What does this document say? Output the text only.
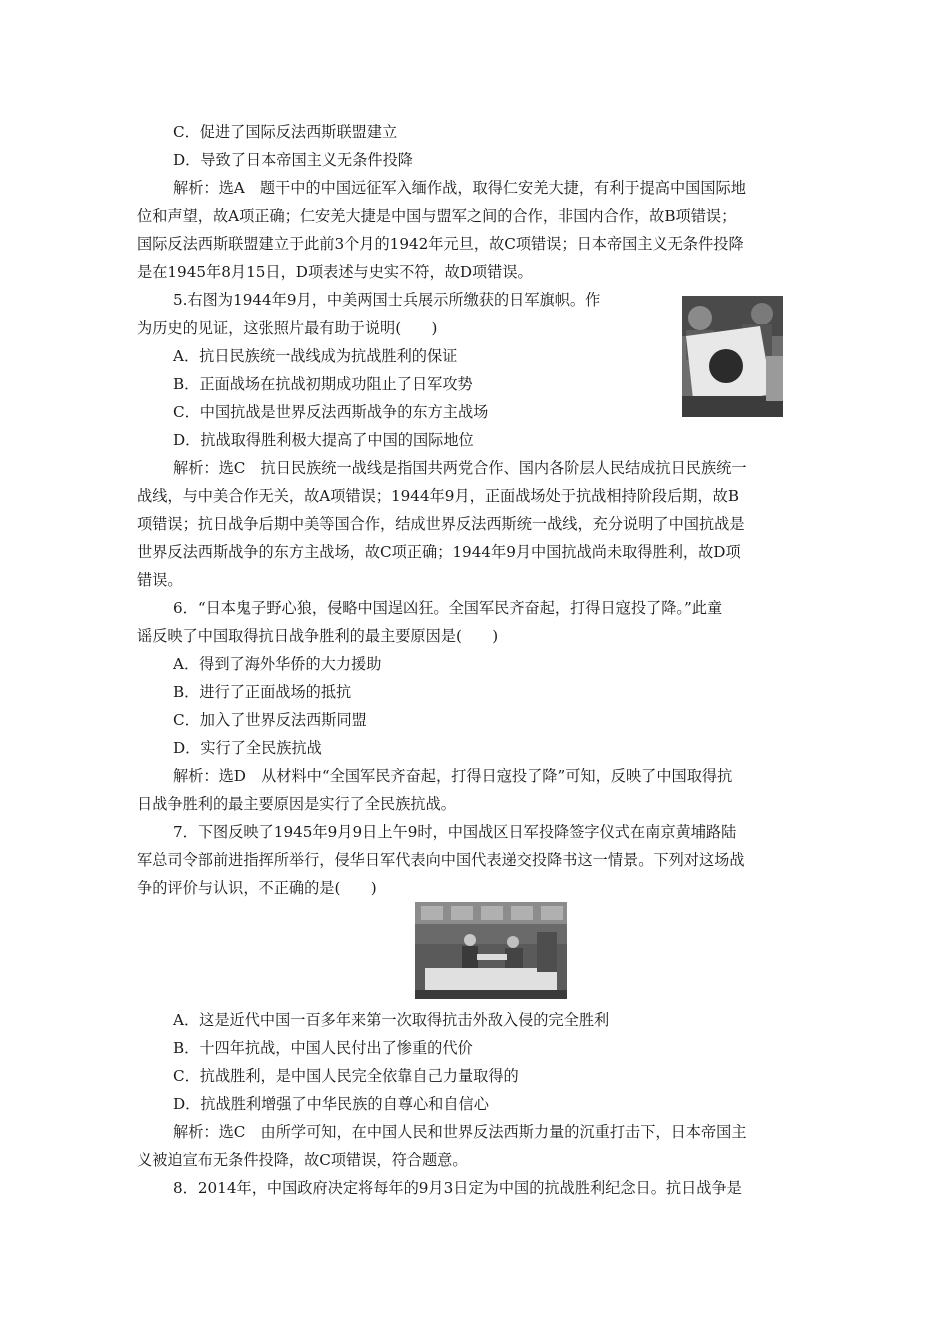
C．促进了国际反法西斯联盟建立
D．导致了日本帝国主义无条件投降
解析：选A　题干中的中国远征军入缅作战，取得仁安羌大捷，有利于提高中国国际地
位和声望，故A项正确；仁安羌大捷是中国与盟军之间的合作，非国内合作，故B项错误；
国际反法西斯联盟建立于此前3个月的1942年元旦，故C项错误；日本帝国主义无条件投降
是在1945年8月15日，D项表述与史实不符，故D项错误。
5.右图为1944年9月，中美两国士兵展示所缴获的日军旗帜。作
为历史的见证，这张照片最有助于说明(　　)
A．抗日民族统一战线成为抗战胜利的保证
B．正面战场在抗战初期成功阻止了日军攻势
C．中国抗战是世界反法西斯战争的东方主战场
D．抗战取得胜利极大提高了中国的国际地位
解析：选C　抗日民族统一战线是指国共两党合作、国内各阶层人民结成抗日民族统一
战线，与中美合作无关，故A项错误；1944年9月，正面战场处于抗战相持阶段后期，故B
项错误；抗日战争后期中美等国合作，结成世界反法西斯统一战线，充分说明了中国抗战是
世界反法西斯战争的东方主战场，故C项正确；1944年9月中国抗战尚未取得胜利，故D项
错误。
6．“日本鬼子野心狼，侵略中国逞凶狂。全国军民齐奋起，打得日寇投了降。”此童
谣反映了中国取得抗日战争胜利的最主要原因是(　　)
A．得到了海外华侨的大力援助
B．进行了正面战场的抵抗
C．加入了世界反法西斯同盟
D．实行了全民族抗战
解析：选D　从材料中“全国军民齐奋起，打得日寇投了降”可知，反映了中国取得抗
日战争胜利的最主要原因是实行了全民族抗战。
7．下图反映了1945年9月9日上午9时，中国战区日军投降签字仪式在南京黄埔路陆
军总司令部前进指挥所举行，侵华日军代表向中国代表递交投降书这一情景。下列对这场战
争的评价与认识，不正确的是(　　)
A．这是近代中国一百多年来第一次取得抗击外敌入侵的完全胜利
B．十四年抗战，中国人民付出了惨重的代价
C．抗战胜利，是中国人民完全依靠自己力量取得的
D．抗战胜利增强了中华民族的自尊心和自信心
解析：选C　由所学可知，在中国人民和世界反法西斯力量的沉重打击下，日本帝国主
义被迫宣布无条件投降，故C项错误，符合题意。
8．2014年，中国政府决定将每年的9月3日定为中国的抗战胜利纪念日。抗日战争是
